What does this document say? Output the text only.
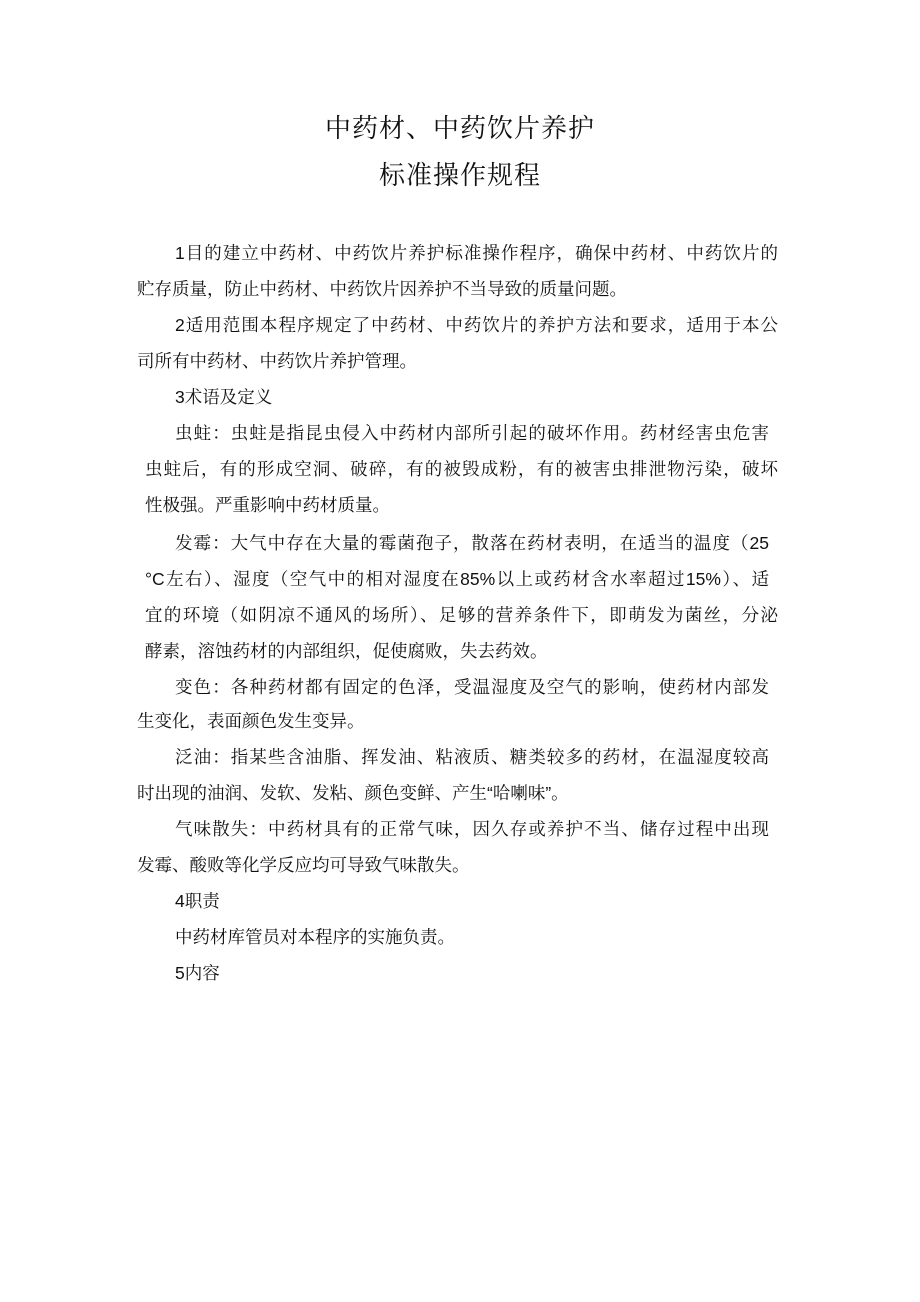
中药材、中药饮片养护
标准操作规程
1目的建立中药材、中药饮片养护标准操作程序，确保中药材、中药饮片的
贮存质量，防止中药材、中药饮片因养护不当导致的质量问题。
2适用范围本程序规定了中药材、中药饮片的养护方法和要求，适用于本公
司所有中药材、中药饮片养护管理。
3术语及定义
虫蛀：虫蛀是指昆虫侵入中药材内部所引起的破坏作用。药材经害虫危害
虫蛀后，有的形成空洞、破碎，有的被毁成粉，有的被害虫排泄物污染，破坏
性极强。严重影响中药材质量。
发霉：大气中存在大量的霉菌孢子，散落在药材表明，在适当的温度（25
°C左右）、湿度（空气中的相对湿度在85%以上或药材含水率超过15%）、适
宜的环境（如阴凉不通风的场所）、足够的营养条件下，即萌发为菌丝，分泌
酵素，溶蚀药材的内部组织，促使腐败，失去药效。
变色：各种药材都有固定的色泽，受温湿度及空气的影响，使药材内部发
生变化，表面颜色发生变异。
泛油：指某些含油脂、挥发油、粘液质、糖类较多的药材，在温湿度较高
时出现的油润、发软、发粘、颜色变鲜、产生“哈喇味”。
气味散失：中药材具有的正常气味，因久存或养护不当、储存过程中出现
发霉、酸败等化学反应均可导致气味散失。
4职责
中药材库管员对本程序的实施负责。
5内容
